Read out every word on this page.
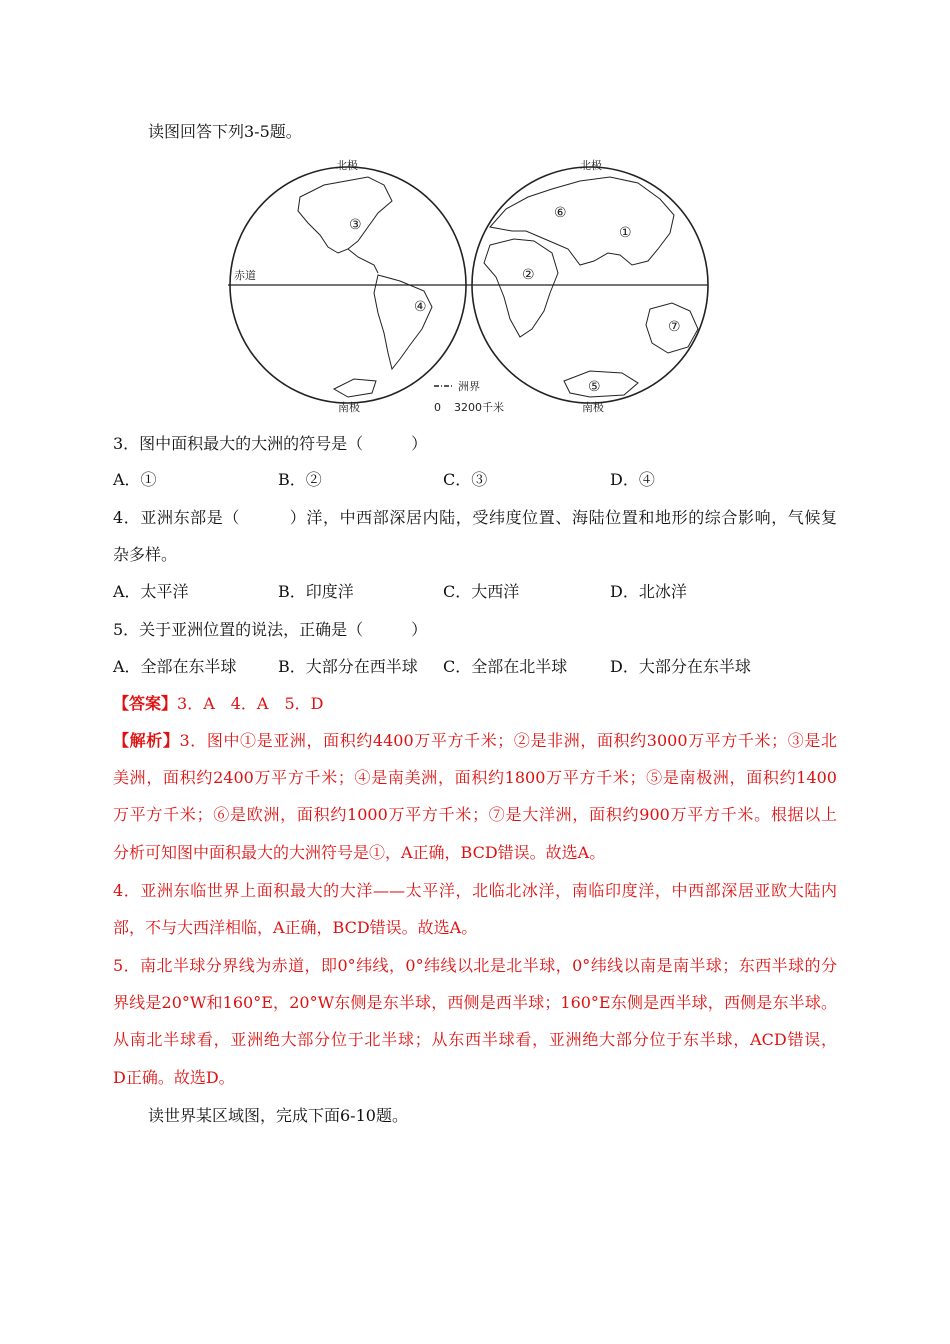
读图回答下列3-5题。
北极	北极
南极	南极
赤道
洲界
0 3200千米
①
②
③
④
⑤
⑥
⑦
3．图中面积最大的大洲的符号是（　　　）
A．①	B．②	C．③	D．④
4．亚洲东部是（　　　）洋，中西部深居内陆，受纬度位置、海陆位置和地形的综合影响，气候复
杂多样。
A．太平洋	B．印度洋	C．大西洋	D．北冰洋
5．关于亚洲位置的说法，正确是（　　　）
A．全部在东半球	B．大部分在西半球 C．全部在北半球	D．大部分在东半球
【答案】3．A　4．A　5．D
【解析】3．图中①是亚洲，面积约4400万平方千米；②是非洲，面积约3000万平方千米；③是北
美洲，面积约2400万平方千米；④是南美洲，面积约1800万平方千米；⑤是南极洲，面积约1400
万平方千米；⑥是欧洲，面积约1000万平方千米；⑦是大洋洲，面积约900万平方千米。根据以上
分析可知图中面积最大的大洲符号是①，A正确，BCD错误。故选A。
4．亚洲东临世界上面积最大的大洋——太平洋，北临北冰洋，南临印度洋，中西部深居亚欧大陆内
部，不与大西洋相临，A正确，BCD错误。故选A。
5．南北半球分界线为赤道，即0°纬线，0°纬线以北是北半球，0°纬线以南是南半球；东西半球的分
界线是20°W和160°E，20°W东侧是东半球，西侧是西半球；160°E东侧是西半球，西侧是东半球。
从南北半球看，亚洲绝大部分位于北半球；从东西半球看，亚洲绝大部分位于东半球，ACD错误，
D正确。故选D。
读世界某区域图，完成下面6-10题。
